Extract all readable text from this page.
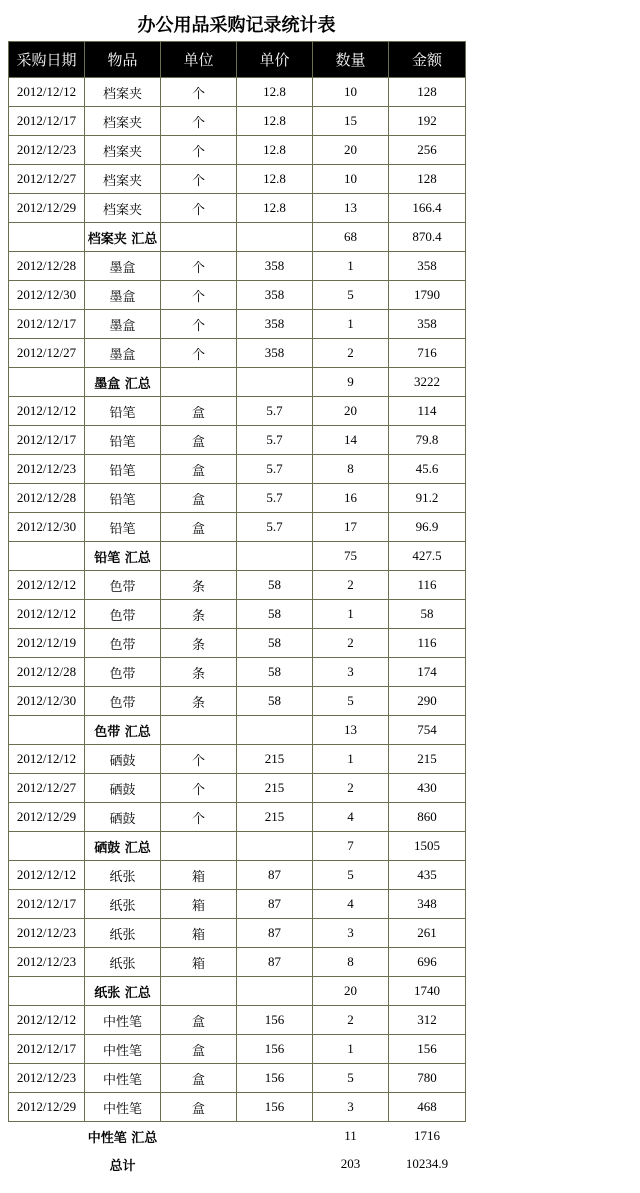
办公用品采购记录统计表
采购日期	物品	单位	单价	数量	金额
2012/12/12	档案夹	个	12.8	10	128
2012/12/17	档案夹	个	12.8	15	192
2012/12/23	档案夹	个	12.8	20	256
2012/12/27	档案夹	个	12.8	10	128
2012/12/29	档案夹	个	12.8	13	166.4
	档案夹 汇总			68	870.4
2012/12/28	墨盒	个	358	1	358
2012/12/30	墨盒	个	358	5	1790
2012/12/17	墨盒	个	358	1	358
2012/12/27	墨盒	个	358	2	716
	墨盒 汇总			9	3222
2012/12/12	铅笔	盒	5.7	20	114
2012/12/17	铅笔	盒	5.7	14	79.8
2012/12/23	铅笔	盒	5.7	8	45.6
2012/12/28	铅笔	盒	5.7	16	91.2
2012/12/30	铅笔	盒	5.7	17	96.9
	铅笔 汇总			75	427.5
2012/12/12	色带	条	58	2	116
2012/12/12	色带	条	58	1	58
2012/12/19	色带	条	58	2	116
2012/12/28	色带	条	58	3	174
2012/12/30	色带	条	58	5	290
	色带 汇总			13	754
2012/12/12	硒鼓	个	215	1	215
2012/12/27	硒鼓	个	215	2	430
2012/12/29	硒鼓	个	215	4	860
	硒鼓 汇总			7	1505
2012/12/12	纸张	箱	87	5	435
2012/12/17	纸张	箱	87	4	348
2012/12/23	纸张	箱	87	3	261
2012/12/23	纸张	箱	87	8	696
	纸张 汇总			20	1740
2012/12/12	中性笔	盒	156	2	312
2012/12/17	中性笔	盒	156	1	156
2012/12/23	中性笔	盒	156	5	780
2012/12/29	中性笔	盒	156	3	468
	中性笔 汇总			11	1716
	总计			203	10234.9
